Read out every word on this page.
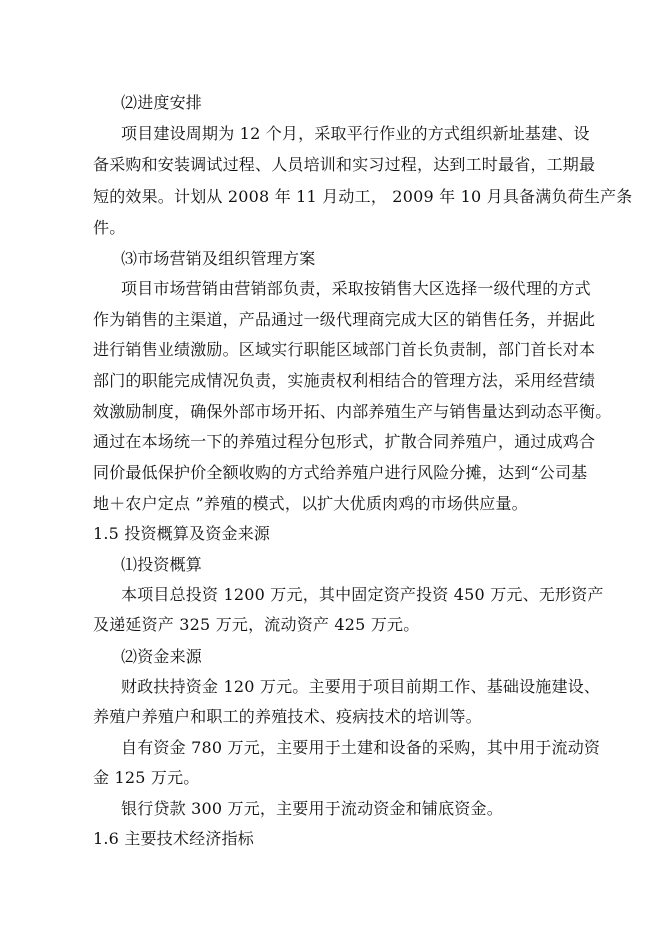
⑵进度安排
项目建设周期为 12 个月，采取平行作业的方式组织新址基建、设
备采购和安装调试过程、人员培训和实习过程，达到工时最省，工期最
短的效果。计划从 2008 年 11 月动工， 2009 年 10 月具备满负荷生产条
件。
⑶市场营销及组织管理方案
项目市场营销由营销部负责，采取按销售大区选择一级代理的方式
作为销售的主渠道，产品通过一级代理商完成大区的销售任务，并据此
进行销售业绩激励。区域实行职能区域部门首长负责制，部门首长对本
部门的职能完成情况负责，实施责权利相结合的管理方法，采用经营绩
效激励制度，确保外部市场开拓、内部养殖生产与销售量达到动态平衡。
通过在本场统一下的养殖过程分包形式，扩散合同养殖户，通过成鸡合
同价最低保护价全额收购的方式给养殖户进行风险分摊，达到“公司基
地＋农户定点 ”养殖的模式，以扩大优质肉鸡的市场供应量。
1.5 投资概算及资金来源
⑴投资概算
本项目总投资 1200 万元，其中固定资产投资 450 万元、无形资产
及递延资产 325 万元，流动资产 425 万元。
⑵资金来源
财政扶持资金 120 万元。主要用于项目前期工作、基础设施建设、
养殖户养殖户和职工的养殖技术、疫病技术的培训等。
自有资金 780 万元，主要用于土建和设备的采购，其中用于流动资
金 125 万元。
银行贷款 300 万元，主要用于流动资金和铺底资金。
1.6 主要技术经济指标
